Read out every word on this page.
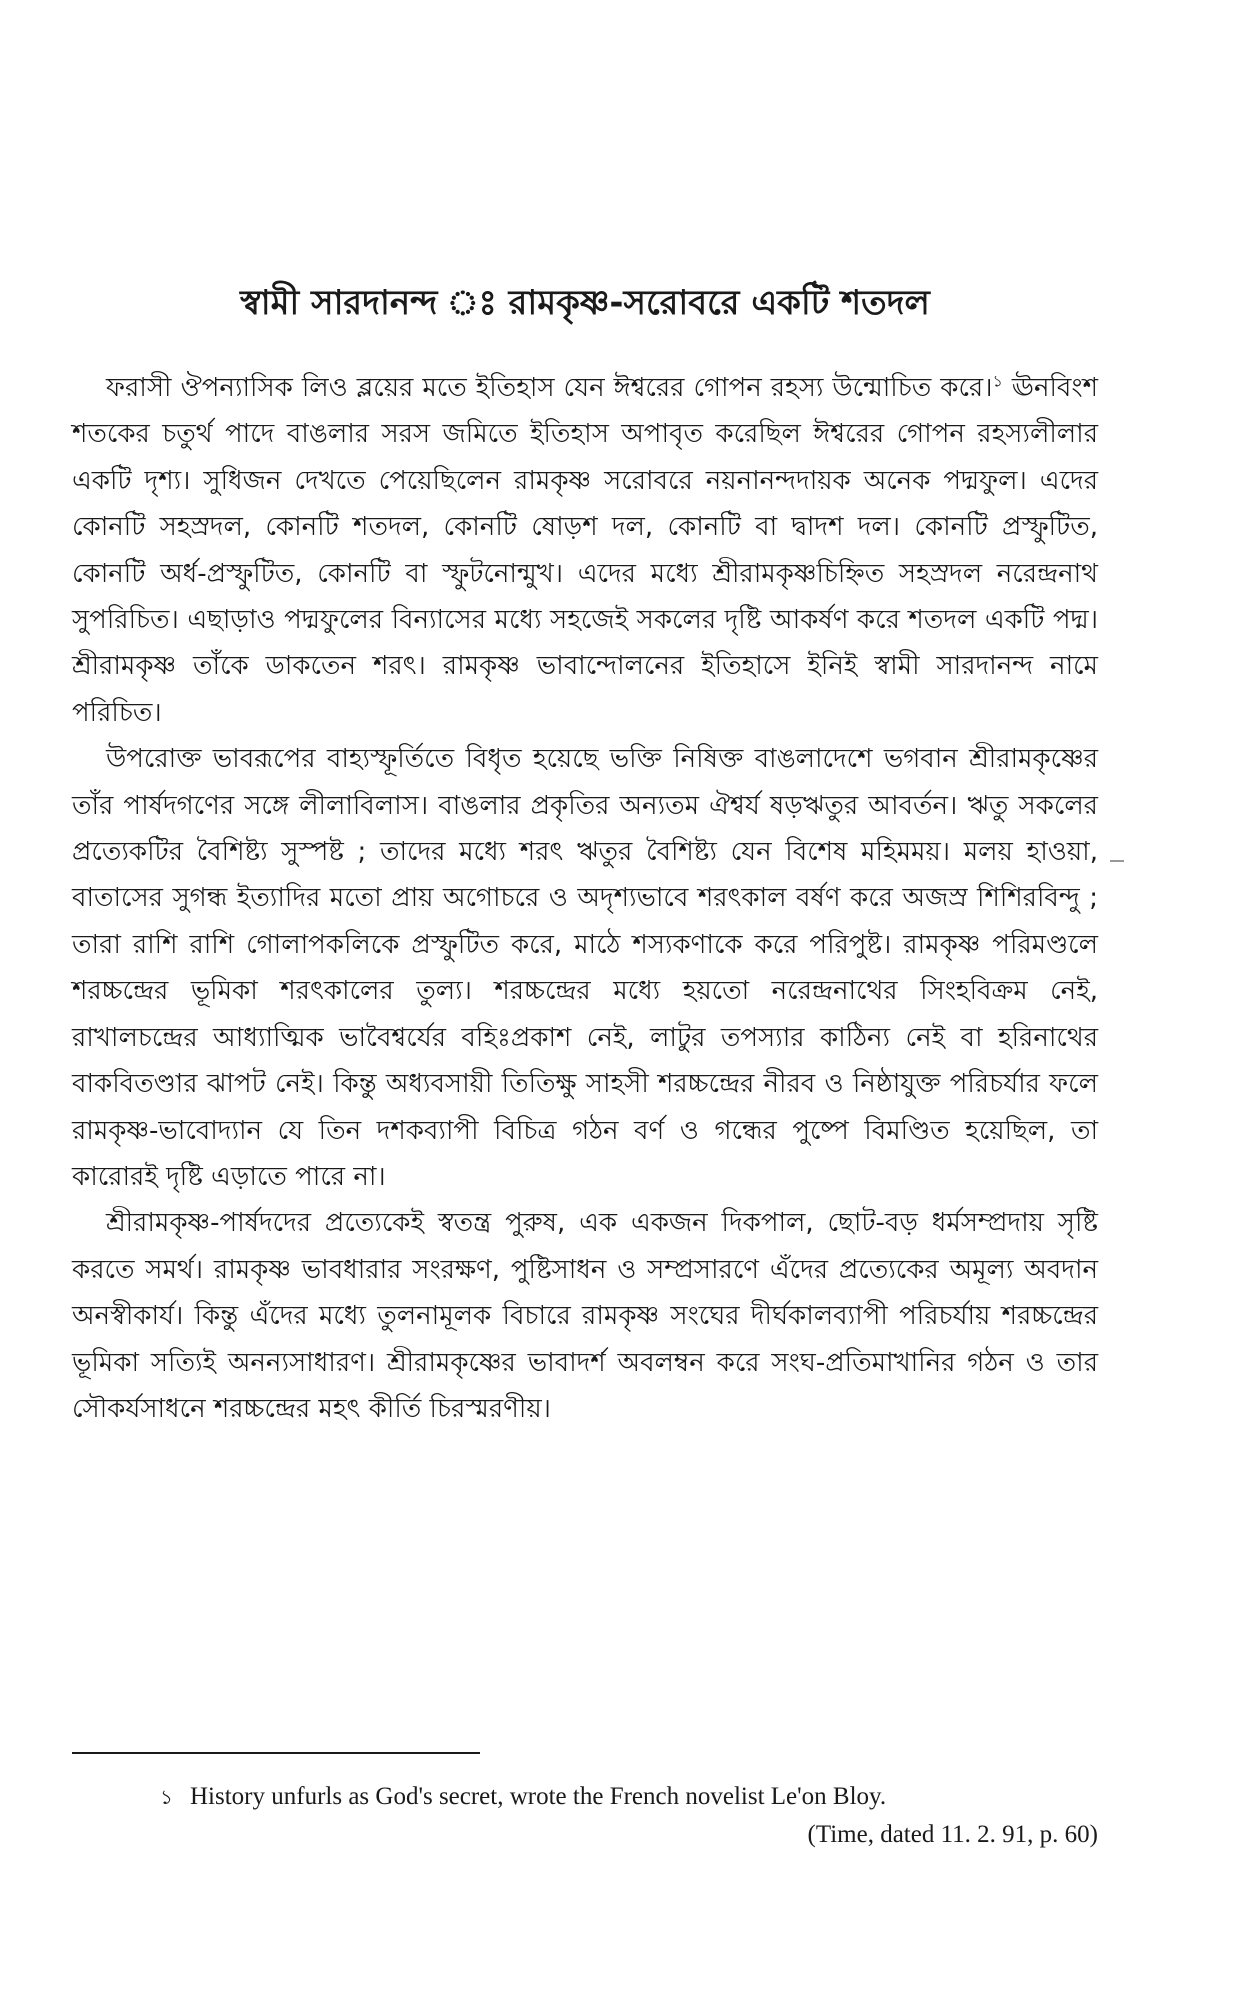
স্বামী সারদানন্দ ঃ রামকৃষ্ণ-সরোবরে একটি শতদল

ফরাসী ঔপন্যাসিক লিও ব্লয়ের মতে ইতিহাস যেন ঈশ্বরের গোপন রহস্য উন্মোচিত করে।$^১$ ঊনবিংশ শতকের চতুর্থ পাদে বাঙলার সরস জমিতে ইতিহাস অপাবৃত করেছিল ঈশ্বরের গোপন রহস্যলীলার একটি দৃশ্য। সুধিজন দেখতে পেয়েছিলেন রামকৃষ্ণ সরোবরে নয়নানন্দদায়ক অনেক পদ্মফুল। এদের কোনটি সহস্রদল, কোনটি শতদল, কোনটি ষোড়শ দল, কোনটি বা দ্বাদশ দল। কোনটি প্রস্ফুটিত, কোনটি অর্ধ-প্রস্ফুটিত, কোনটি বা স্ফুটনোন্মুখ। এদের মধ্যে শ্রীরামকৃষ্ণচিহ্নিত সহস্রদল নরেন্দ্রনাথ সুপরিচিত। এছাড়াও পদ্মফুলের বিন্যাসের মধ্যে সহজেই সকলের দৃষ্টি আকর্ষণ করে শতদল একটি পদ্ম। শ্রীরামকৃষ্ণ তাঁকে ডাকতেন শরৎ। রামকৃষ্ণ ভাবান্দোলনের ইতিহাসে ইনিই স্বামী সারদানন্দ নামে পরিচিত।

উপরোক্ত ভাবরূপের বাহ্যস্ফূর্তিতে বিধৃত হয়েছে ভক্তি নিষিক্ত বাঙলাদেশে ভগবান শ্রীরামকৃষ্ণের তাঁর পার্ষদগণের সঙ্গে লীলাবিলাস। বাঙলার প্রকৃতির অন্যতম ঐশ্বর্য ষড়ঋতুর আবর্তন। ঋতু সকলের প্রত্যেকটির বৈশিষ্ট্য সুস্পষ্ট ; তাদের মধ্যে শরৎ ঋতুর বৈশিষ্ট্য যেন বিশেষ মহিমময়। মলয় হাওয়া, বাতাসের সুগন্ধ ইত্যাদির মতো প্রায় অগোচরে ও অদৃশ্যভাবে শরৎকাল বর্ষণ করে অজস্র শিশিরবিন্দু ; তারা রাশি রাশি গোলাপকলিকে প্রস্ফুটিত করে, মাঠে শস্যকণাকে করে পরিপুষ্ট। রামকৃষ্ণ পরিমণ্ডলে শরচ্চন্দ্রের ভূমিকা শরৎকালের তুল্য। শরচ্চন্দ্রের মধ্যে হয়তো নরেন্দ্রনাথের সিংহবিক্রম নেই, রাখালচন্দ্রের আধ্যাত্মিক ভাবৈশ্বর্যের বহিঃপ্রকাশ নেই, লাটুর তপস্যার কাঠিন্য নেই বা হরিনাথের বাকবিতণ্ডার ঝাপট নেই। কিন্তু অধ্যবসায়ী তিতিক্ষু সাহসী শরচ্চন্দ্রের নীরব ও নিষ্ঠাযুক্ত পরিচর্যার ফলে রামকৃষ্ণ-ভাবোদ্যান যে তিন দশকব্যাপী বিচিত্র গঠন বর্ণ ও গন্ধের পুষ্পে বিমণ্ডিত হয়েছিল, তা কারোরই দৃষ্টি এড়াতে পারে না।

শ্রীরামকৃষ্ণ-পার্ষদদের প্রত্যেকেই স্বতন্ত্র পুরুষ, এক একজন দিকপাল, ছোট-বড় ধর্মসম্প্রদায় সৃষ্টি করতে সমর্থ। রামকৃষ্ণ ভাবধারার সংরক্ষণ, পুষ্টিসাধন ও সম্প্রসারণে এঁদের প্রত্যেকের অমূল্য অবদান অনস্বীকার্য। কিন্তু এঁদের মধ্যে তুলনামূলক বিচারে রামকৃষ্ণ সংঘের দীর্ঘকালব্যাপী পরিচর্যায় শরচ্চন্দ্রের ভূমিকা সত্যিই অনন্যসাধারণ। শ্রীরামকৃষ্ণের ভাবাদর্শ অবলম্বন করে সংঘ-প্রতিমাখানির গঠন ও তার সৌকর্যসাধনে শরচ্চন্দ্রের মহৎ কীর্তি চিরস্মরণীয়।

১ History unfurls as God's secret, wrote the French novelist Le'on Bloy.
(Time, dated 11. 2. 91, p. 60)
